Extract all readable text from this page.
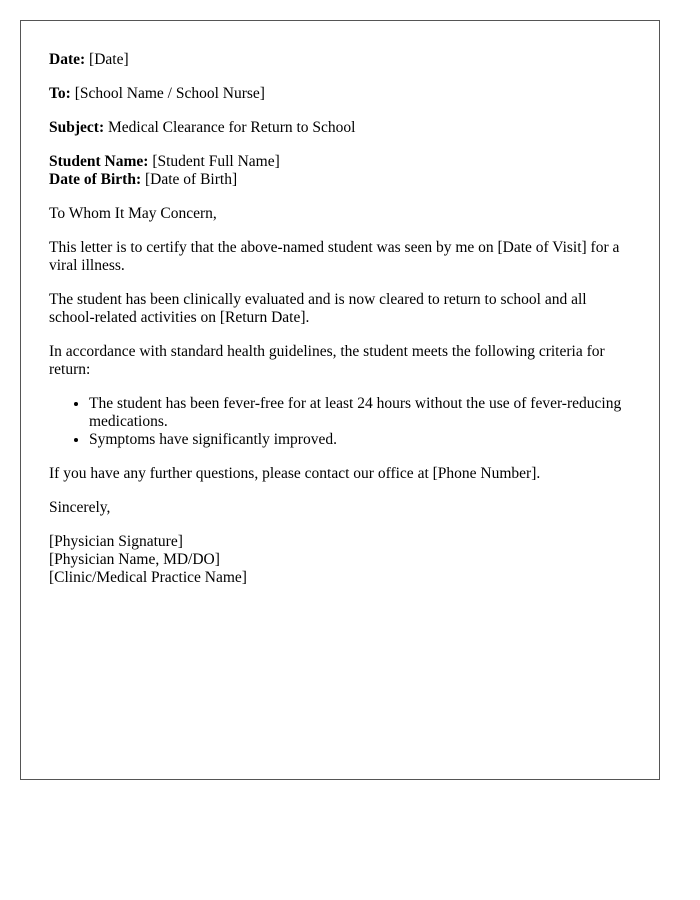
Date: [Date]

To: [School Name / School Nurse]

Subject: Medical Clearance for Return to School

Student Name: [Student Full Name]

Date of Birth: [Date of Birth]

To Whom It May Concern,

This letter is to certify that the above-named student was seen by me on [Date of Visit] for a viral illness.

The student has been clinically evaluated and is now cleared to return to school and all school-related activities on [Return Date].

In accordance with standard health guidelines, the student meets the following criteria for return:

• The student has been fever-free for at least 24 hours without the use of fever-reducing medications.
• Symptoms have significantly improved.

If you have any further questions, please contact our office at [Phone Number].

Sincerely,

[Physician Signature]

[Physician Name, MD/DO]

[Clinic/Medical Practice Name]
